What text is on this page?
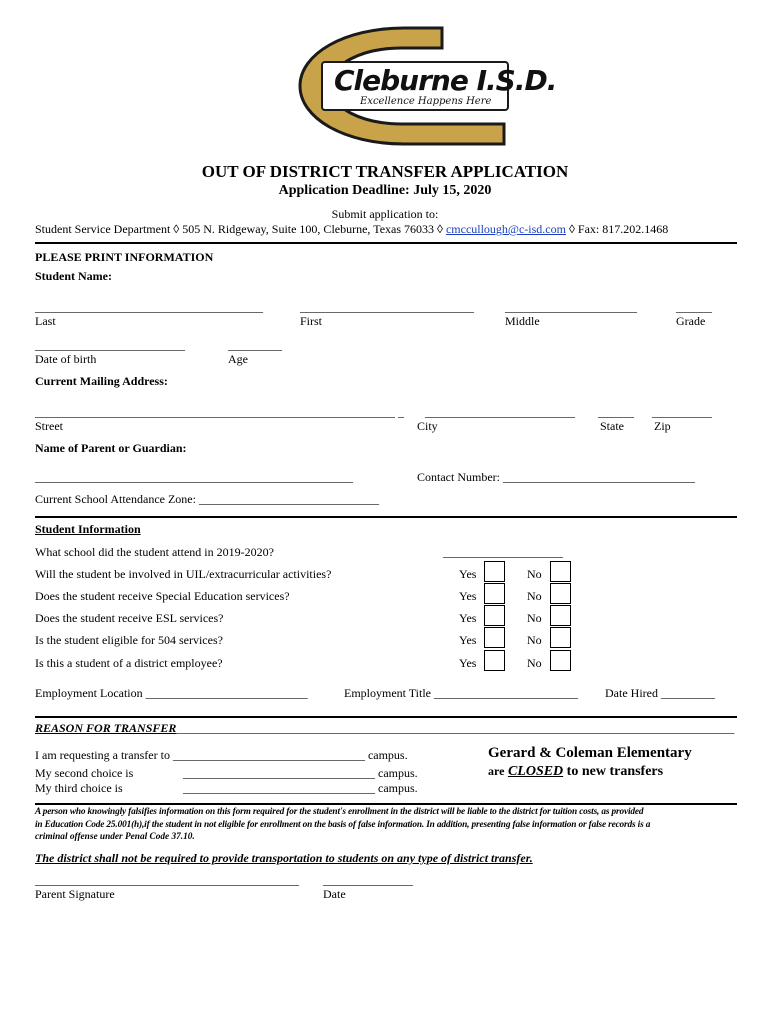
Cleburne I.S.D.
Excellence Happens Here
OUT OF DISTRICT TRANSFER APPLICATION
Application Deadline: July 15, 2020
Submit application to:
Student Service Department ◊ 505 N. Ridgeway, Suite 100, Cleburne, Texas 76033 ◊ cmccullough@c-isd.com ◊ Fax: 817.202.1468
PLEASE PRINT INFORMATION
Student Name:
______________________________________	_____________________________	______________________	______
Last	First	Middle	Grade
_________________________	_________
Date of birth	Age
Current Mailing Address:
____________________________________________________________ _ _________________________ ______ __________
Street	City	State	Zip
Name of Parent or Guardian:
_____________________________________________________	Contact Number: ________________________________
Current School Attendance Zone: ______________________________
Student Information
What school did the student attend in 2019-2020?	____________________
Will the student be involved in UIL/extracurricular activities?	Yes	No
Does the student receive Special Education services?	Yes	No
Does the student receive ESL services?	Yes	No
Is the student eligible for 504 services?	Yes	No
Is this a student of a district employee?	Yes	No
Employment Location ___________________________	Employment Title ________________________ Date Hired _________
REASON FOR TRANSFER_____________________________________________________________________________________________
I am requesting a transfer to ________________________________ campus.
My second choice is	________________________________ campus.
My third choice is	________________________________ campus.
Gerard & Coleman Elementary
are CLOSED to new transfers
A person who knowingly falsifies information on this form required for the student's enrollment in the district will be liable to the district for tuition costs, as provided
in Education Code 25.001(h),if the student in not eligible for enrollment on the basis of false information. In addition, presenting false information or false records is a
criminal offense under Penal Code 37.10.
The district shall not be required to provide transportation to students on any type of district transfer.
____________________________________________ _______________
Parent Signature	Date
